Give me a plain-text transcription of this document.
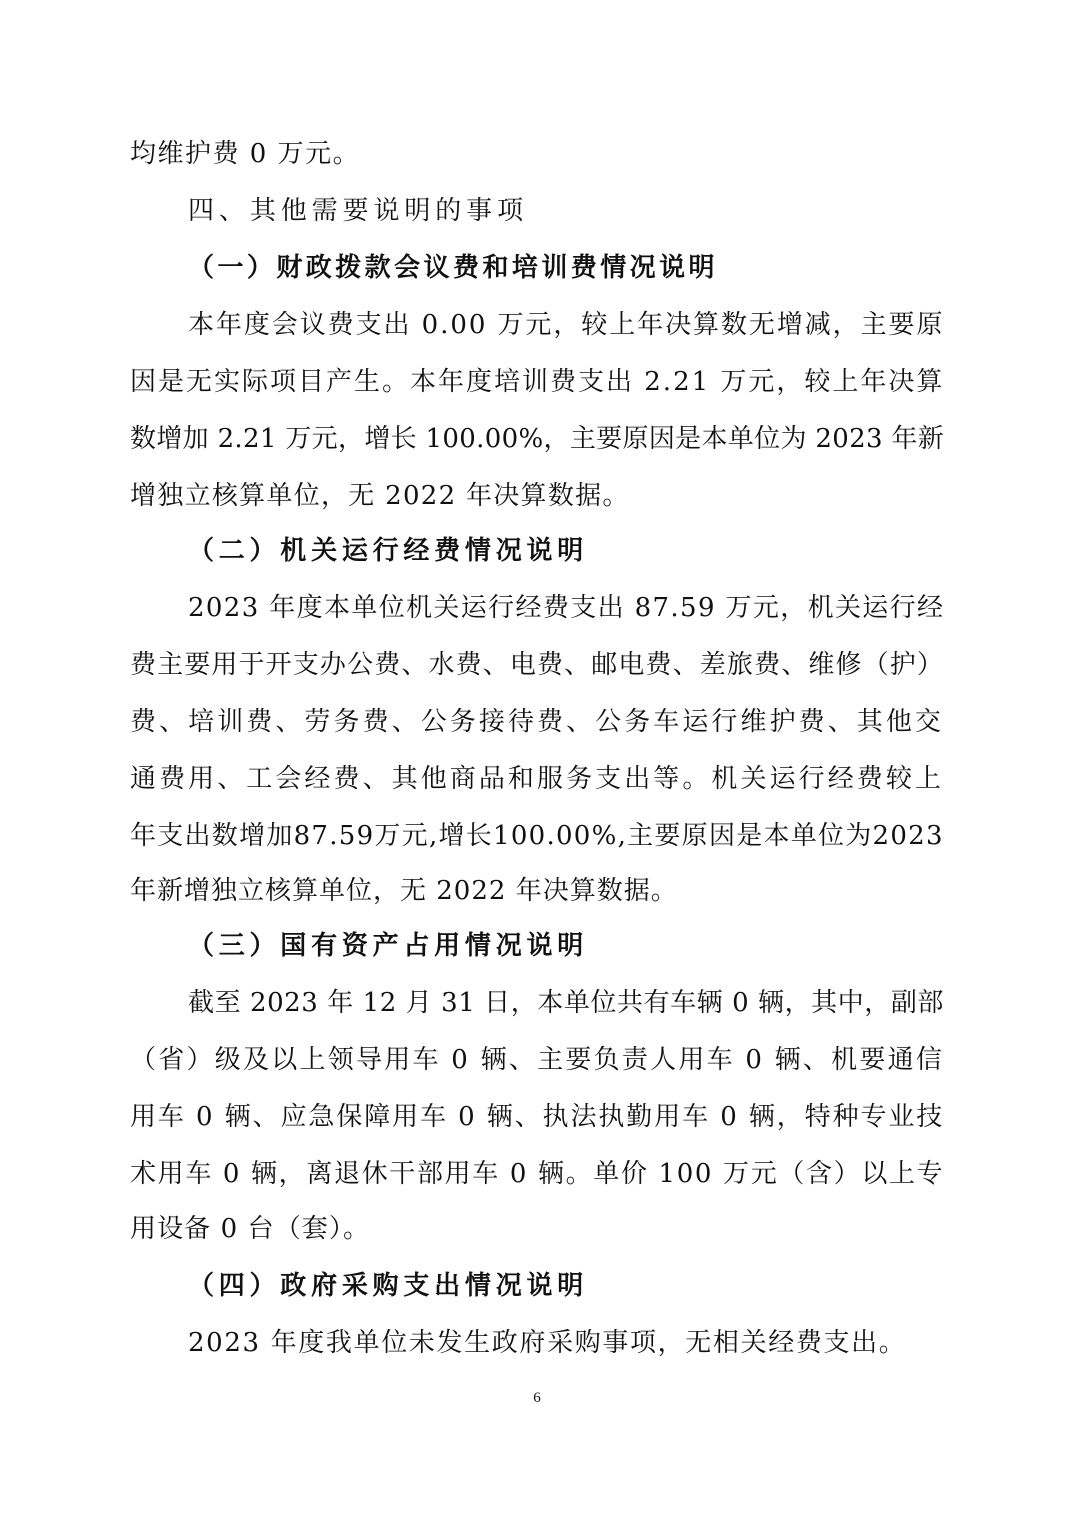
均维护费 0 万元。
四、其他需要说明的事项
（一）财政拨款会议费和培训费情况说明
本年度会议费支出 0.00 万元，较上年决算数无增减，主要原
因是无实际项目产生。本年度培训费支出 2.21 万元，较上年决算
数增加 2.21 万元，增长 100.00%，主要原因是本单位为 2023 年新
增独立核算单位，无 2022 年决算数据。
（二）机关运行经费情况说明
2023 年度本单位机关运行经费支出 87.59 万元，机关运行经
费主要用于开支办公费、水费、电费、邮电费、差旅费、维修（护）
费、培训费、劳务费、公务接待费、公务车运行维护费、其他交
通费用、工会经费、其他商品和服务支出等。机关运行经费较上
年支出数增加87.59万元,增长100.00%,主要原因是本单位为2023
年新增独立核算单位，无 2022 年决算数据。
（三）国有资产占用情况说明
截至 2023 年 12 月 31 日，本单位共有车辆 0 辆，其中，副部
（省）级及以上领导用车 0 辆、主要负责人用车 0 辆、机要通信
用车 0 辆、应急保障用车 0 辆、执法执勤用车 0 辆，特种专业技
术用车 0 辆，离退休干部用车 0 辆。单价 100 万元（含）以上专
用设备 0 台（套）。
（四）政府采购支出情况说明
2023 年度我单位未发生政府采购事项，无相关经费支出。
6
